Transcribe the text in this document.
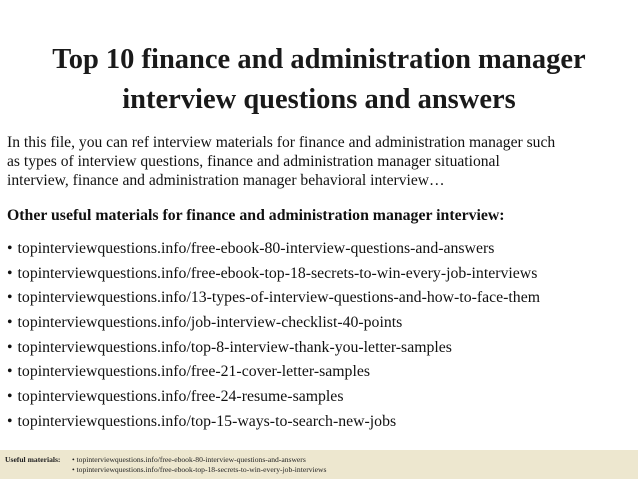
Top 10 finance and administration manager
interview questions and answers

In this file, you can ref interview materials for finance and administration manager such
as types of interview questions, finance and administration manager situational
interview, finance and administration manager behavioral interview…

Other useful materials for finance and administration manager interview:

• topinterviewquestions.info/free-ebook-80-interview-questions-and-answers
• topinterviewquestions.info/free-ebook-top-18-secrets-to-win-every-job-interviews
• topinterviewquestions.info/13-types-of-interview-questions-and-how-to-face-them
• topinterviewquestions.info/job-interview-checklist-40-points
• topinterviewquestions.info/top-8-interview-thank-you-letter-samples
• topinterviewquestions.info/free-21-cover-letter-samples
• topinterviewquestions.info/free-24-resume-samples
• topinterviewquestions.info/top-15-ways-to-search-new-jobs
Useful materials: • topinterviewquestions.info/free-ebook-80-interview-questions-and-answers
• topinterviewquestions.info/free-ebook-top-18-secrets-to-win-every-job-interviews
